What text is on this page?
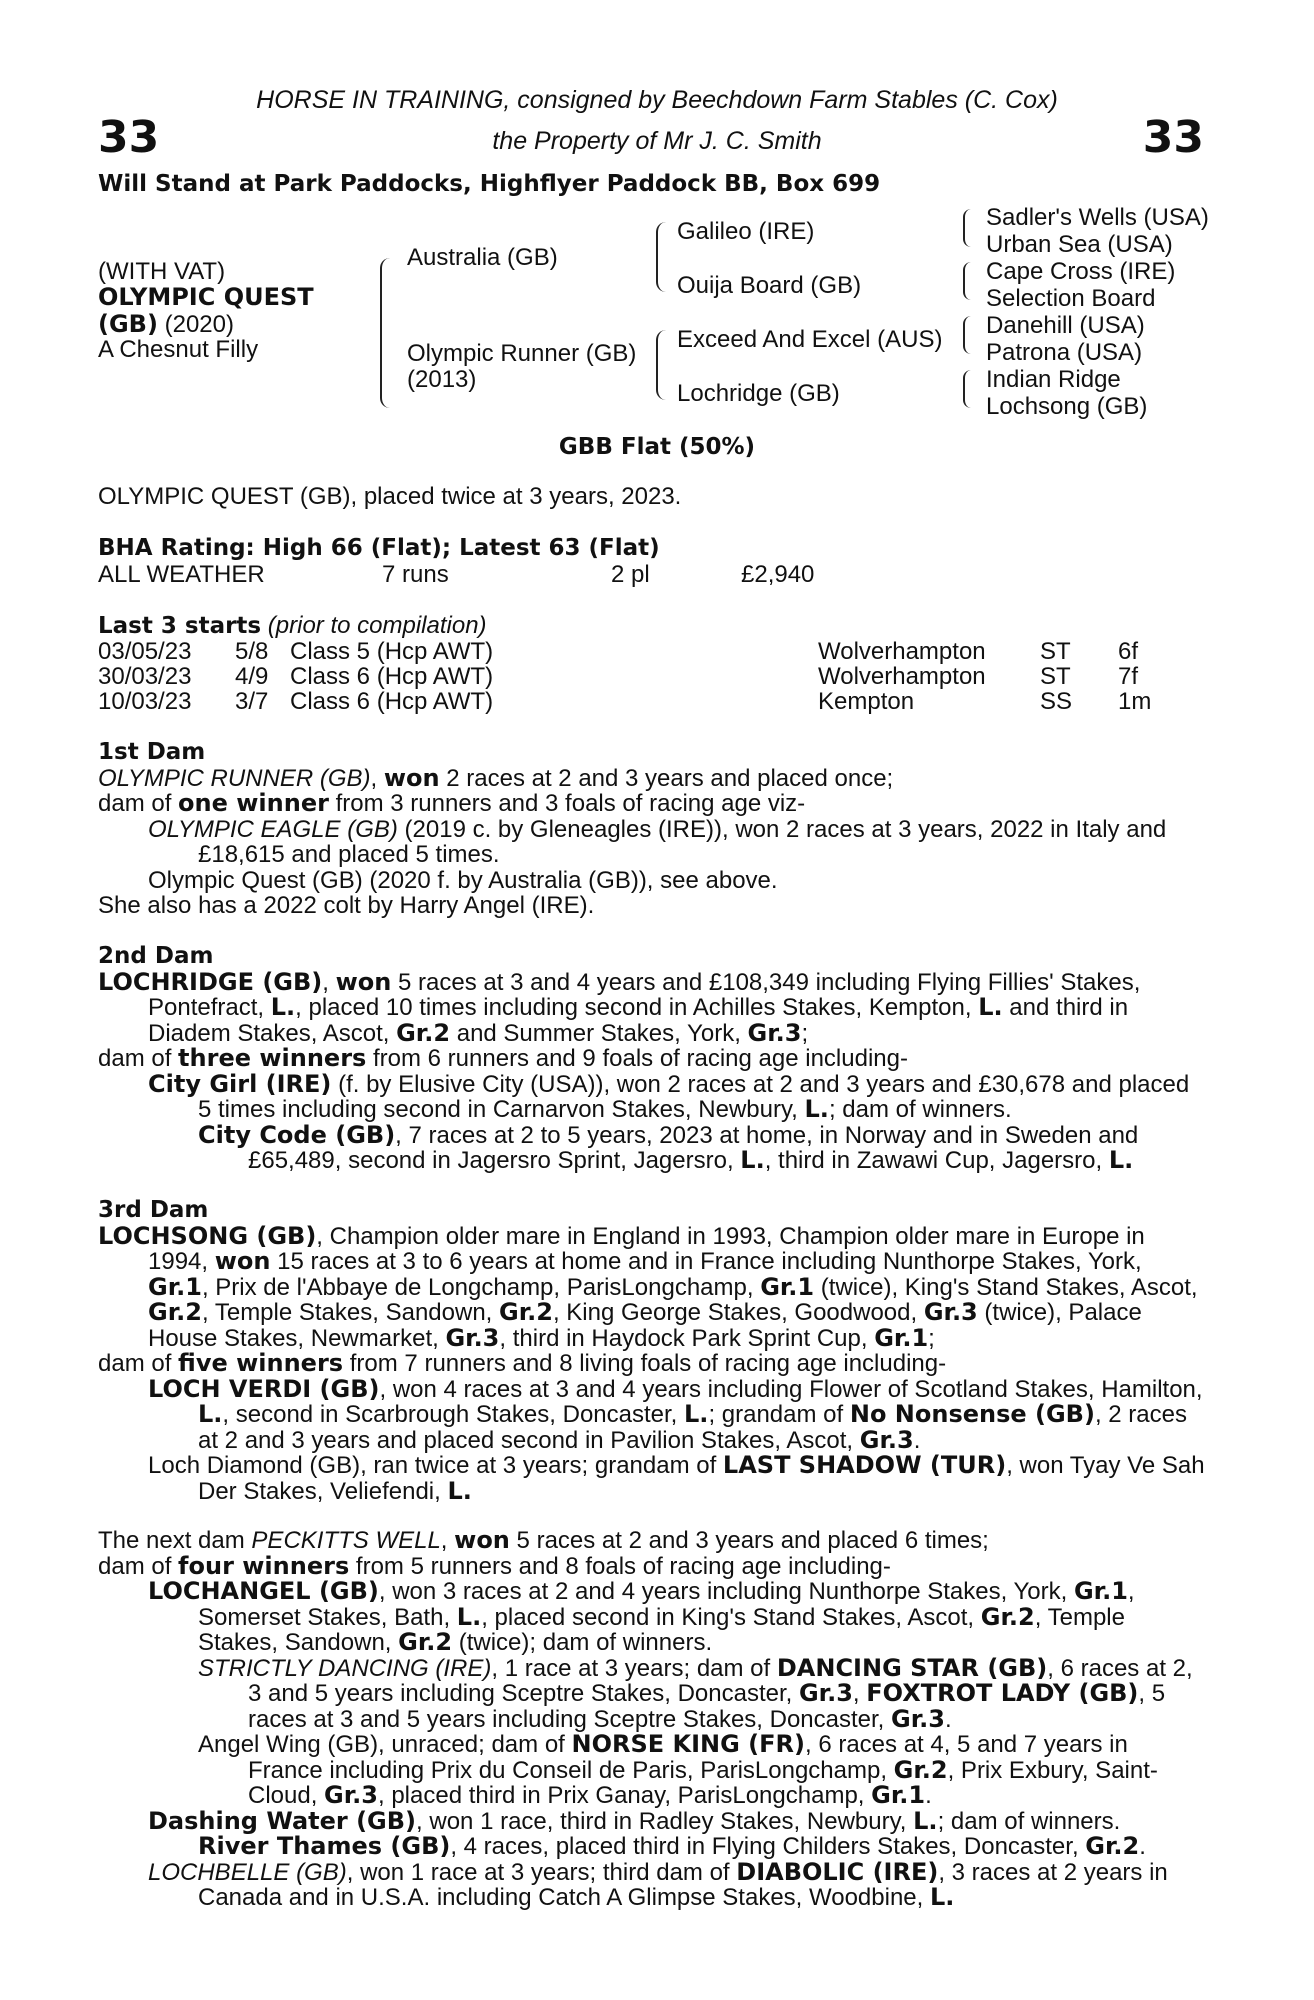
33	33
HORSE IN TRAINING, consigned by Beechdown Farm Stables (C. Cox)
the Property of Mr J. C. Smith
Will Stand at Park Paddocks, Highflyer Paddock BB, Box 699
(WITH VAT)
OLYMPIC QUEST
(GB) (2020)
A Chesnut Filly
Australia (GB)
Olympic Runner (GB)
(2013)
Galileo (IRE)
Ouija Board (GB)
Exceed And Excel (AUS)
Lochridge (GB)
Sadler's Wells (USA)
Urban Sea (USA)
Cape Cross (IRE)
Selection Board
Danehill (USA)
Patrona (USA)
Indian Ridge
Lochsong (GB)
GBB Flat (50%)
OLYMPIC QUEST (GB), placed twice at 3 years, 2023.
BHA Rating: High 66 (Flat); Latest 63 (Flat)
ALL WEATHER	7 runs	2 pl	£2,940
Last 3 starts (prior to compilation)
03/05/23	5/8	Class 5 (Hcp AWT)	Wolverhampton	ST	6f
30/03/23	4/9	Class 6 (Hcp AWT)	Wolverhampton	ST	7f
10/03/23	3/7	Class 6 (Hcp AWT)	Kempton	SS	1m

1st Dam

OLYMPIC RUNNER (GB), won 2 races at 2 and 3 years and placed once;

dam of one winner from 3 runners and 3 foals of racing age viz-

OLYMPIC EAGLE (GB) (2019 c. by Gleneagles (IRE)), won 2 races at 3 years, 2022 in Italy and £18,615 and placed 5 times.

Olympic Quest (GB) (2020 f. by Australia (GB)), see above.

She also has a 2022 colt by Harry Angel (IRE).

2nd Dam

LOCHRIDGE (GB), won 5 races at 3 and 4 years and £108,349 including Flying Fillies' Stakes, Pontefract, L., placed 10 times including second in Achilles Stakes, Kempton, L. and third in Diadem Stakes, Ascot, Gr.2 and Summer Stakes, York, Gr.3;

dam of three winners from 6 runners and 9 foals of racing age including-

City Girl (IRE) (f. by Elusive City (USA)), won 2 races at 2 and 3 years and £30,678 and placed 5 times including second in Carnarvon Stakes, Newbury, L.; dam of winners.

City Code (GB), 7 races at 2 to 5 years, 2023 at home, in Norway and in Sweden and £65,489, second in Jagersro Sprint, Jagersro, L., third in Zawawi Cup, Jagersro, L.

3rd Dam

LOCHSONG (GB), Champion older mare in England in 1993, Champion older mare in Europe in 1994, won 15 races at 3 to 6 years at home and in France including Nunthorpe Stakes, York, Gr.1, Prix de l'Abbaye de Longchamp, ParisLongchamp, Gr.1 (twice), King's Stand Stakes, Ascot, Gr.2, Temple Stakes, Sandown, Gr.2, King George Stakes, Goodwood, Gr.3 (twice), Palace House Stakes, Newmarket, Gr.3, third in Haydock Park Sprint Cup, Gr.1;

dam of five winners from 7 runners and 8 living foals of racing age including-

LOCH VERDI (GB), won 4 races at 3 and 4 years including Flower of Scotland Stakes, Hamilton, L., second in Scarbrough Stakes, Doncaster, L.; grandam of No Nonsense (GB), 2 races at 2 and 3 years and placed second in Pavilion Stakes, Ascot, Gr.3.

Loch Diamond (GB), ran twice at 3 years; grandam of LAST SHADOW (TUR), won Tyay Ve Sah Der Stakes, Veliefendi, L.

The next dam PECKITTS WELL, won 5 races at 2 and 3 years and placed 6 times;

dam of four winners from 5 runners and 8 foals of racing age including-

LOCHANGEL (GB), won 3 races at 2 and 4 years including Nunthorpe Stakes, York, Gr.1, Somerset Stakes, Bath, L., placed second in King's Stand Stakes, Ascot, Gr.2, Temple Stakes, Sandown, Gr.2 (twice); dam of winners.

STRICTLY DANCING (IRE), 1 race at 3 years; dam of DANCING STAR (GB), 6 races at 2, 3 and 5 years including Sceptre Stakes, Doncaster, Gr.3, FOXTROT LADY (GB), 5 races at 3 and 5 years including Sceptre Stakes, Doncaster, Gr.3.

Angel Wing (GB), unraced; dam of NORSE KING (FR), 6 races at 4, 5 and 7 years in France including Prix du Conseil de Paris, ParisLongchamp, Gr.2, Prix Exbury, Saint-Cloud, Gr.3, placed third in Prix Ganay, ParisLongchamp, Gr.1.

Dashing Water (GB), won 1 race, third in Radley Stakes, Newbury, L.; dam of winners.

River Thames (GB), 4 races, placed third in Flying Childers Stakes, Doncaster, Gr.2.

LOCHBELLE (GB), won 1 race at 3 years; third dam of DIABOLIC (IRE), 3 races at 2 years in Canada and in U.S.A. including Catch A Glimpse Stakes, Woodbine, L.
